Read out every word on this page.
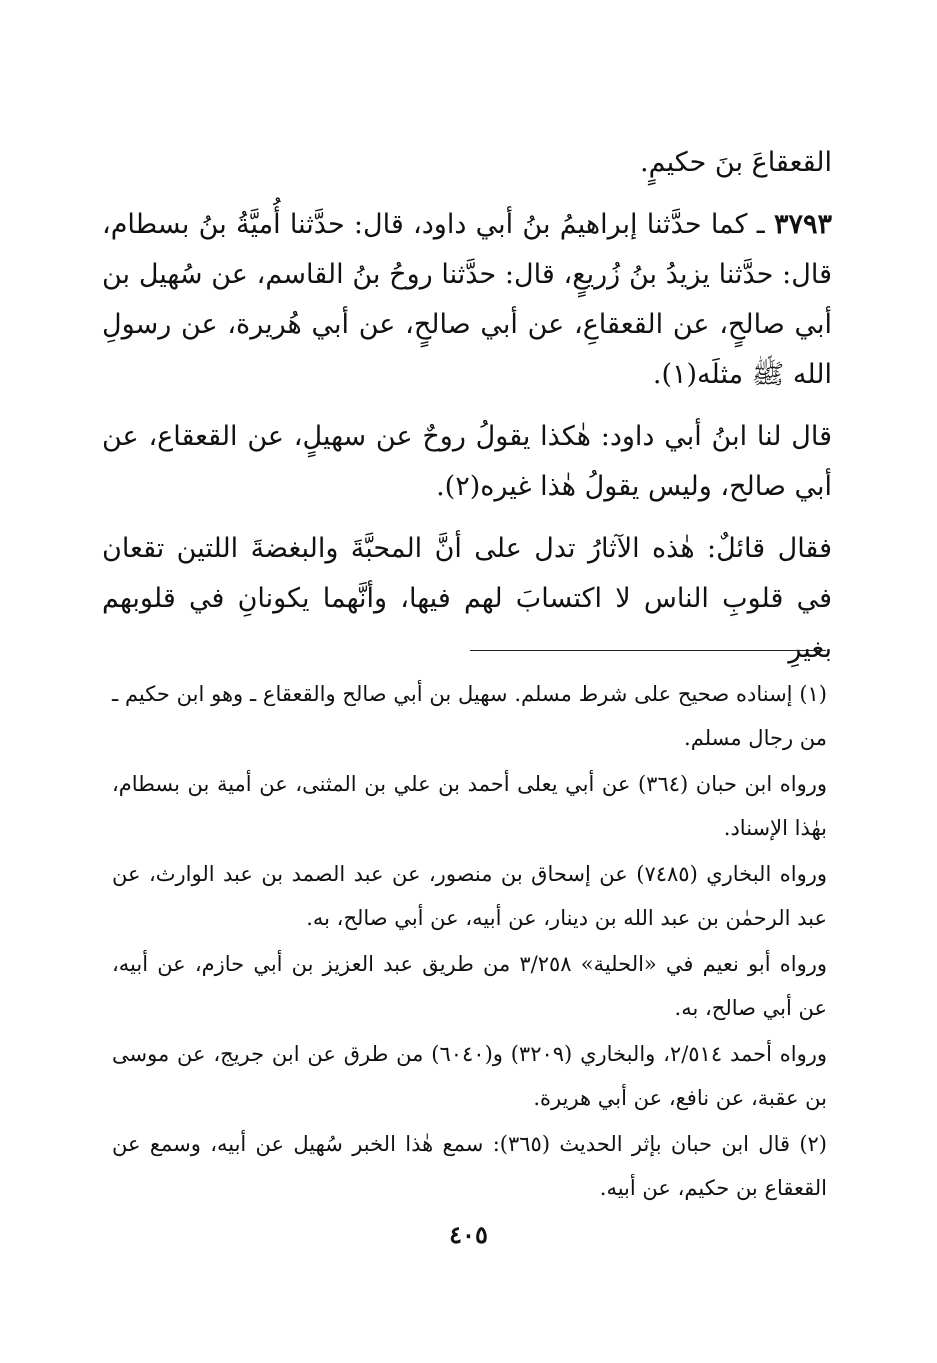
القعقاعَ بنَ حكيمٍ.

٣٧٩٣ ـ كما حدَّثنا إبراهيمُ بنُ أبي داود، قال: حدَّثنا أُميَّةُ بنُ بسطام، قال: حدَّثنا يزيدُ بنُ زُريعٍ، قال: حدَّثنا روحُ بنُ القاسم، عن سُهيل بن أبي صالحٍ، عن القعقاعِ، عن أبي صالحٍ، عن أبي هُريرة، عن رسولِ الله ﷺ مثلَه(١).

قال لنا ابنُ أبي داود: هٰكذا يقولُ روحٌ عن سهيلٍ، عن القعقاع، عن أبي صالح، وليس يقولُ هٰذا غيره(٢).

فقال قائلٌ: هٰذه الآثارُ تدل على أنَّ المحبَّةَ والبغضةَ اللتين تقعان في قلوبِ الناس لا اكتسابَ لهم فيها، وأنَّهما يكونانِ في قلوبهم بغيرِ

(١) إسناده صحيح على شرط مسلم. سهيل بن أبي صالح والقعقاع ـ وهو ابن حكيم ـ من رجال مسلم.

ورواه ابن حبان (٣٦٤) عن أبي يعلى أحمد بن علي بن المثنى، عن أمية بن بسطام، بهٰذا الإسناد.

ورواه البخاري (٧٤٨٥) عن إسحاق بن منصور، عن عبد الصمد بن عبد الوارث، عن عبد الرحمٰن بن عبد الله بن دينار، عن أبيه، عن أبي صالح، به.

ورواه أبو نعيم في «الحلية» ٣/٢٥٨ من طريق عبد العزيز بن أبي حازم، عن أبيه، عن أبي صالح، به.

ورواه أحمد ٢/٥١٤، والبخاري (٣٢٠٩) و(٦٠٤٠) من طرق عن ابن جريج، عن موسى بن عقبة، عن نافع، عن أبي هريرة.

(٢) قال ابن حبان بإثر الحديث (٣٦٥): سمع هٰذا الخبر سُهيل عن أبيه، وسمع عن القعقاع بن حكيم، عن أبيه.

٤٠٥
